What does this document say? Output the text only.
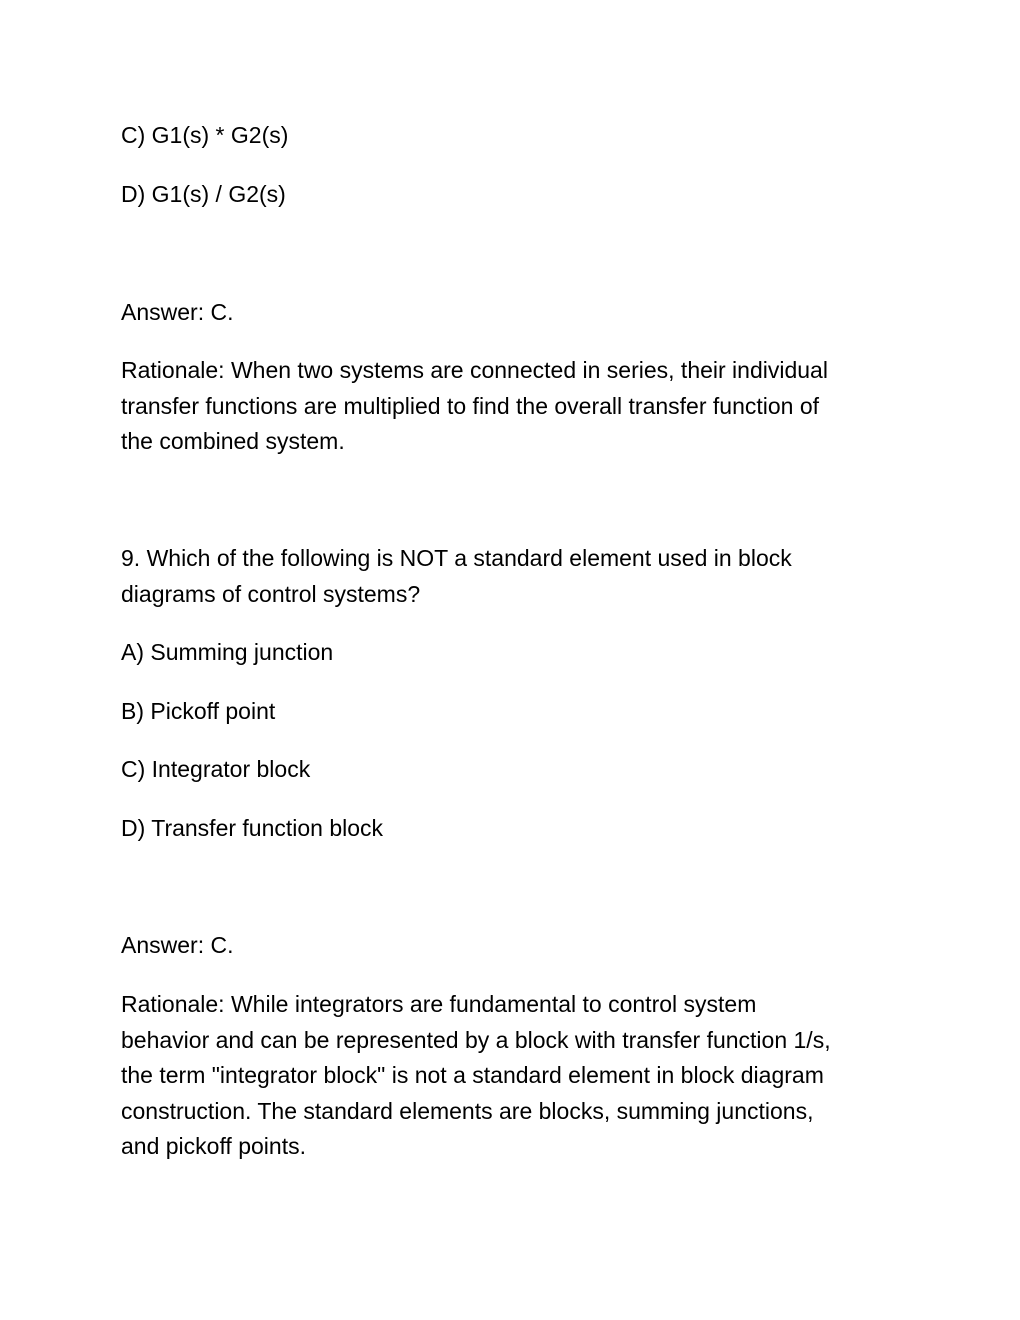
C) G1(s) * G2(s)

D) G1(s) / G2(s)

Answer: C.

Rationale: When two systems are connected in series, their individual
transfer functions are multiplied to find the overall transfer function of
the combined system.
9. Which of the following is NOT a standard element used in block
diagrams of control systems?

A) Summing junction

B) Pickoff point

C) Integrator block

D) Transfer function block

Answer: C.

Rationale: While integrators are fundamental to control system
behavior and can be represented by a block with transfer function 1/s,
the term "integrator block" is not a standard element in block diagram
construction. The standard elements are blocks, summing junctions,
and pickoff points.
